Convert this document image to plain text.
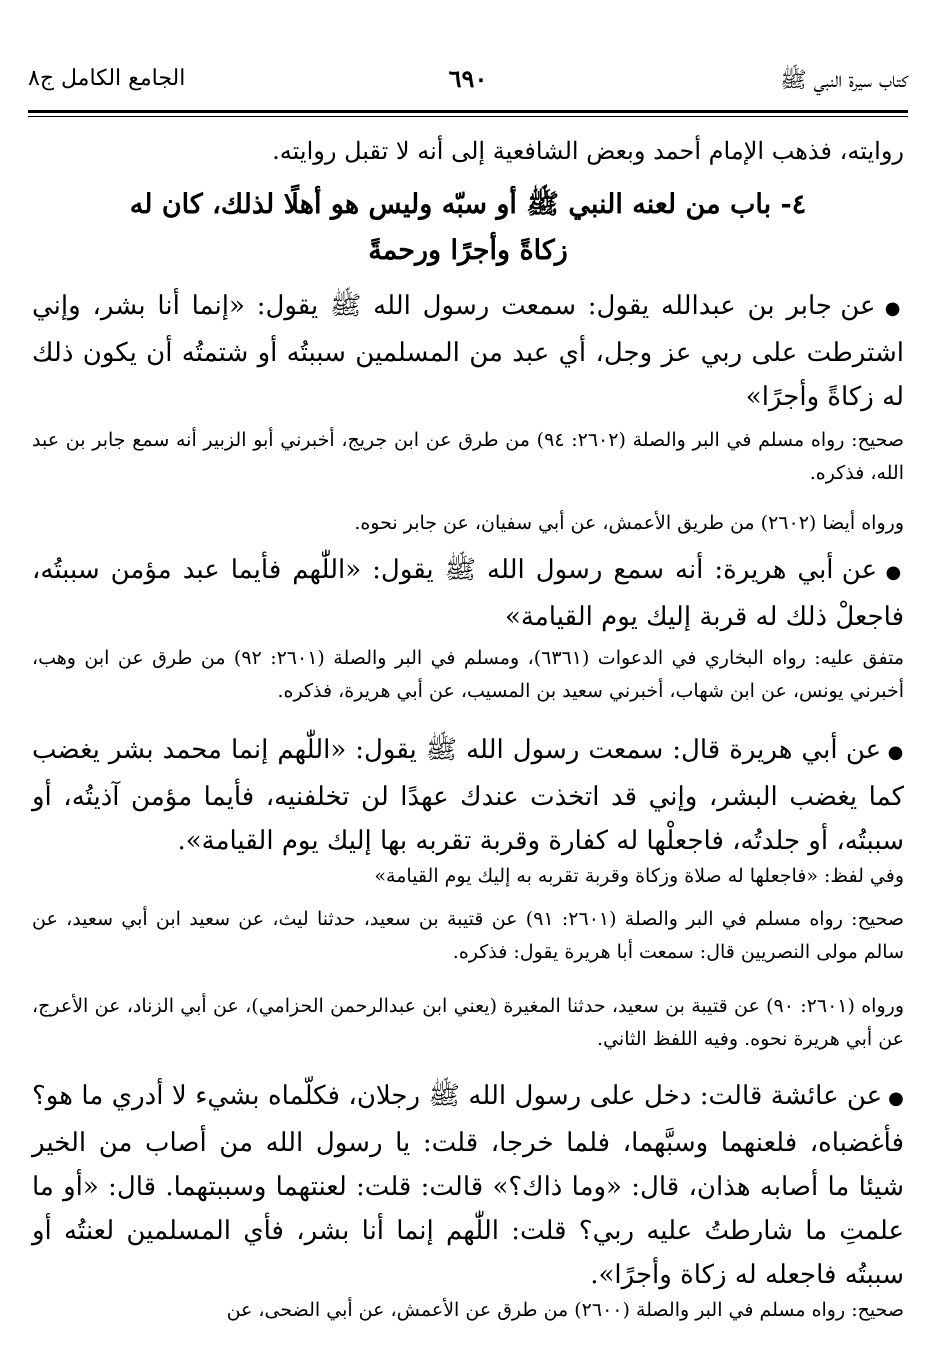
كتاب سيرة النبي ﷺ
٦٩٠
الجامع الكامل ج٨

روايته، فذهب الإمام أحمد وبعض الشافعية إلى أنه لا تقبل روايته.

٤- باب من لعنه النبي ﷺ أو سبّه وليس هو أهلًا لذلك، كان له زكاةً وأجرًا ورحمةً

● عن جابر بن عبدالله يقول: سمعت رسول الله ﷺ يقول: «إنما أنا بشر، وإني اشترطت على ربي عز وجل، أي عبد من المسلمين سببتُه أو شتمتُه أن يكون ذلك له زكاةً وأجرًا»

صحيح: رواه مسلم في البر والصلة (٢٦٠٢: ٩٤) من طرق عن ابن جريج، أخبرني أبو الزبير أنه سمع جابر بن عبد الله، فذكره.

ورواه أيضا (٢٦٠٢) من طريق الأعمش، عن أبي سفيان، عن جابر نحوه.

● عن أبي هريرة: أنه سمع رسول الله ﷺ يقول: «اللّٰهم فأيما عبد مؤمن سببتُه، فاجعلْ ذلك له قربة إليك يوم القيامة»

متفق عليه: رواه البخاري في الدعوات (٦٣٦١)، ومسلم في البر والصلة (٢٦٠١: ٩٢) من طرق عن ابن وهب، أخبرني يونس، عن ابن شهاب، أخبرني سعيد بن المسيب، عن أبي هريرة، فذكره.

● عن أبي هريرة قال: سمعت رسول الله ﷺ يقول: «اللّٰهم إنما محمد بشر يغضب كما يغضب البشر، وإني قد اتخذت عندك عهدًا لن تخلفنيه، فأيما مؤمن آذيتُه، أو سببتُه، أو جلدتُه، فاجعلْها له كفارة وقربة تقربه بها إليك يوم القيامة».

وفي لفظ: «فاجعلها له صلاة وزكاة وقربة تقربه به إليك يوم القيامة»

صحيح: رواه مسلم في البر والصلة (٢٦٠١: ٩١) عن قتيبة بن سعيد، حدثنا ليث، عن سعيد ابن أبي سعيد، عن سالم مولى النصريين قال: سمعت أبا هريرة يقول: فذكره.

ورواه (٢٦٠١: ٩٠) عن قتيبة بن سعيد، حدثنا المغيرة (يعني ابن عبدالرحمن الحزامي)، عن أبي الزناد، عن الأعرج، عن أبي هريرة نحوه. وفيه اللفظ الثاني.

● عن عائشة قالت: دخل على رسول الله ﷺ رجلان، فكلّماه بشيء لا أدري ما هو؟ فأغضباه، فلعنهما وسبَّهما، فلما خرجا، قلت: يا رسول الله من أصاب من الخير شيئا ما أصابه هذان، قال: «وما ذاك؟» قالت: قلت: لعنتهما وسببتهما. قال: «أو ما علمتِ ما شارطتُ عليه ربي؟ قلت: اللّٰهم إنما أنا بشر، فأي المسلمين لعنتُه أو سببتُه فاجعله له زكاة وأجرًا».

صحيح: رواه مسلم في البر والصلة (٢٦٠٠) من طرق عن الأعمش، عن أبي الضحى، عن
